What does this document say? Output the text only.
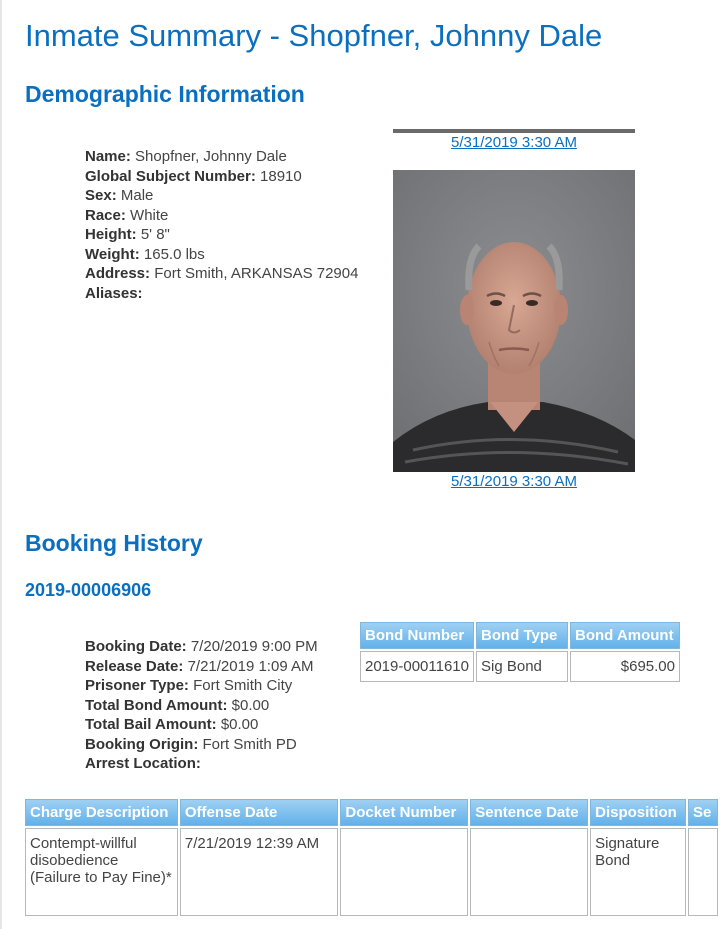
Inmate Summary - Shopfner, Johnny Dale
Demographic Information
Name: Shopfner, Johnny Dale
Global Subject Number: 18910
Sex: Male
Race: White
Height: 5' 8"
Weight: 165.0 lbs
Address: Fort Smith, ARKANSAS 72904
Aliases:
5/31/2019 3:30 AM
5/31/2019 3:30 AM
Booking History
2019-00006906
Booking Date: 7/20/2019 9:00 PM
Release Date: 7/21/2019 1:09 AM
Prisoner Type: Fort Smith City
Total Bond Amount: $0.00
Total Bail Amount: $0.00
Booking Origin: Fort Smith PD
Arrest Location:
Bond Number	Bond Type	Bond Amount
2019-00011610	Sig Bond	$695.00
Charge Description	Offense Date	Docket Number	Sentence Date	Disposition	Se
Contempt-willful disobedience (Failure to Pay Fine)*	7/21/2019 12:39 AM			Signature Bond	
